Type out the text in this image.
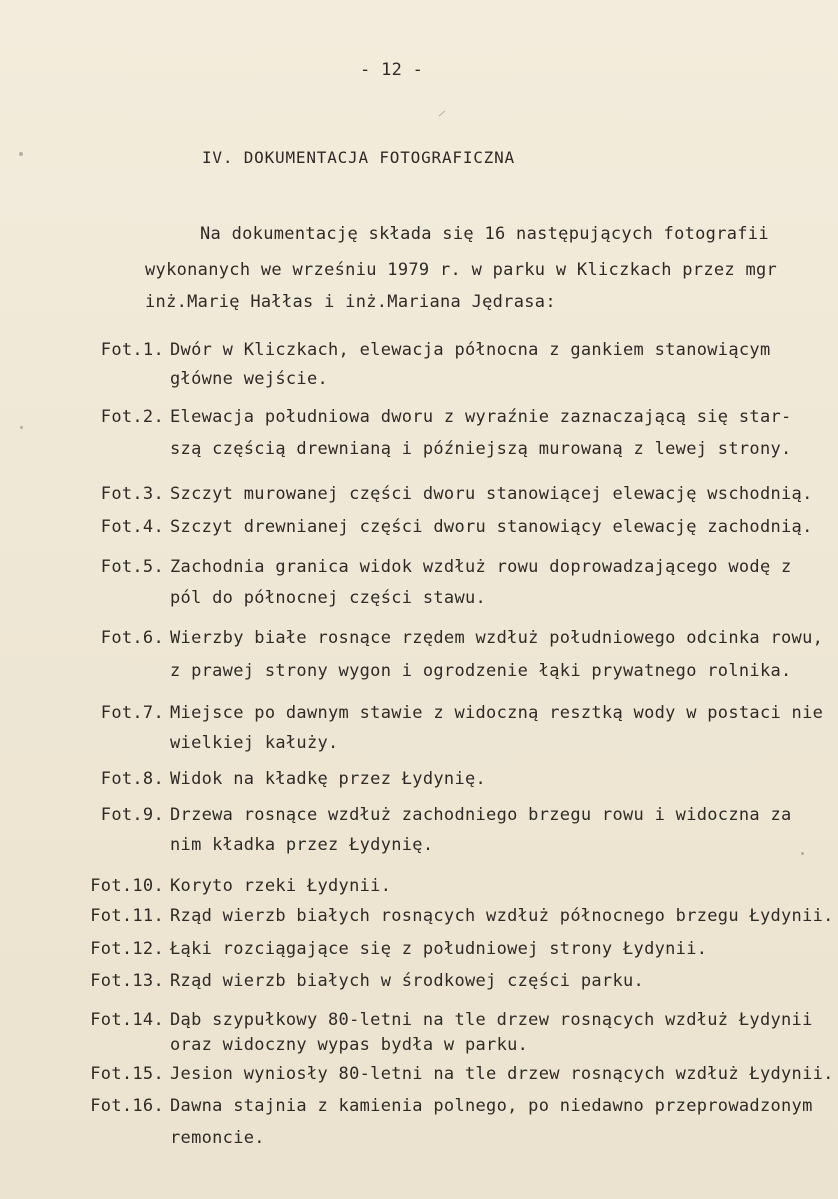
- 12 -
IV. DOKUMENTACJA FOTOGRAFICZNA
Na dokumentację składa się 16 następujących fotografii
wykonanych we wrześniu 1979 r. w parku w Kliczkach przez mgr
inż.Marię Hałłas i inż.Mariana Jędrasa:
Fot.1. Dwór w Kliczkach, elewacja północna z gankiem stanowiącym
główne wejście.
Fot.2. Elewacja południowa dworu z wyraźnie zaznaczającą się star-
szą częścią drewnianą i późniejszą murowaną z lewej strony.
Fot.3. Szczyt murowanej części dworu stanowiącej elewację wschodnią.
Fot.4. Szczyt drewnianej części dworu stanowiący elewację zachodnią.
Fot.5. Zachodnia granica widok wzdłuż rowu doprowadzającego wodę z
pól do północnej części stawu.
Fot.6. Wierzby białe rosnące rzędem wzdłuż południowego odcinka rowu,
z prawej strony wygon i ogrodzenie łąki prywatnego rolnika.
Fot.7. Miejsce po dawnym stawie z widoczną resztką wody w postaci nie
wielkiej kałuży.
Fot.8. Widok na kładkę przez Łydynię.
Fot.9. Drzewa rosnące wzdłuż zachodniego brzegu rowu i widoczna za
nim kładka przez Łydynię.
Fot.10. Koryto rzeki Łydynii.
Fot.11. Rząd wierzb białych rosnących wzdłuż północnego brzegu Łydynii.
Fot.12. Łąki rozciągające się z południowej strony Łydynii.
Fot.13. Rząd wierzb białych w środkowej części parku.
Fot.14. Dąb szypułkowy 80-letni na tle drzew rosnących wzdłuż Łydynii
oraz widoczny wypas bydła w parku.
Fot.15. Jesion wyniosły 80-letni na tle drzew rosnących wzdłuż Łydynii.
Fot.16. Dawna stajnia z kamienia polnego, po niedawno przeprowadzonym
remoncie.
